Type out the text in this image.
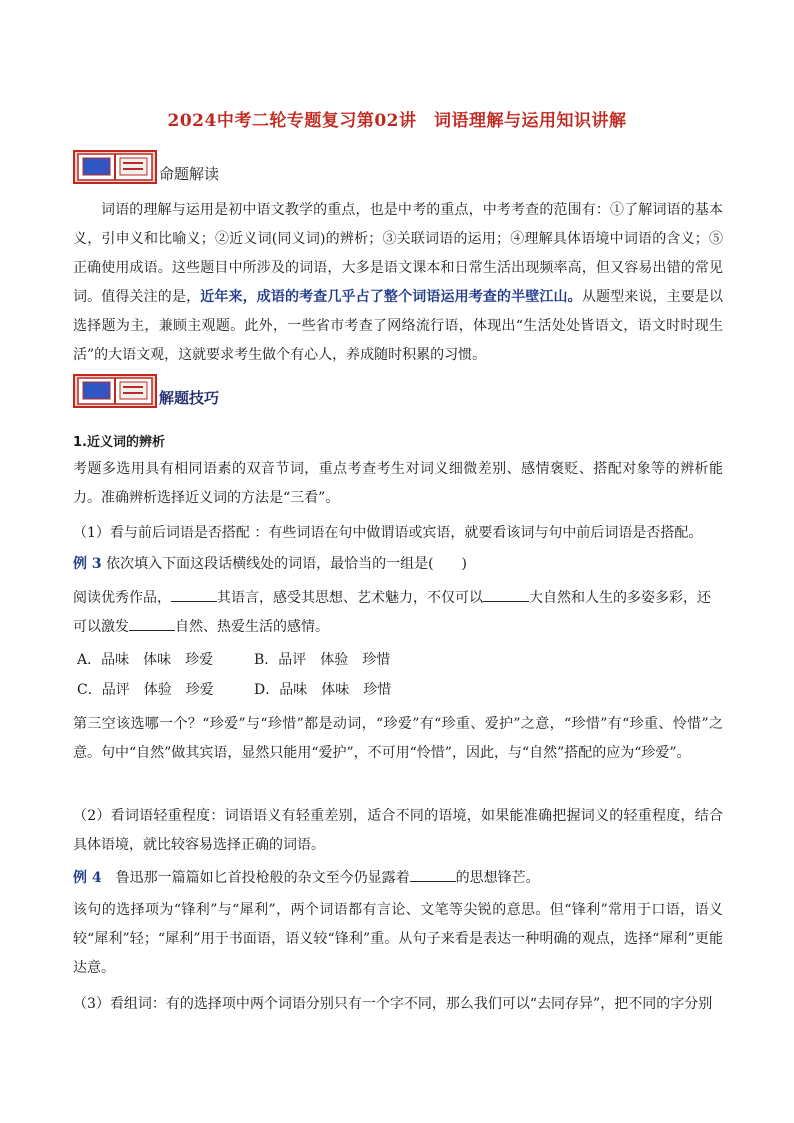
2024中考二轮专题复习第02讲　词语理解与运用知识讲解
命题解读

词语的理解与运用是初中语文教学的重点，也是中考的重点，中考考查的范围有：①了解词语的基本义，引申义和比喻义；②近义词(同义词)的辨析；③关联词语的运用；④理解具体语境中词语的含义；⑤正确使用成语。这些题目中所涉及的词语，大多是语文课本和日常生活出现频率高，但又容易出错的常见词。值得关注的是，近年来，成语的考查几乎占了整个词语运用考查的半壁江山。从题型来说，主要是以选择题为主，兼顾主观题。此外，一些省市考查了网络流行语，体现出“生活处处皆语文，语文时时现生活”的大语文观，这就要求考生做个有心人，养成随时积累的习惯。

解题技巧

1.近义词的辨析

考题多选用具有相同语素的双音节词，重点考查考生对词义细微差别、感情褒贬、搭配对象等的辨析能力。准确辨析选择近义词的方法是“三看”。

（1）看与前后词语是否搭配 ：有些词语在句中做谓语或宾语，就要看该词与句中前后词语是否搭配。

例 3 依次填入下面这段话横线处的词语，最恰当的一组是(　　)

阅读优秀作品，	其语言，感受其思想、艺术魅力，不仅可以	大自然和人生的多姿多彩，还
可以激发	自然、热爱生活的感情。

A．品味　体味　珍爱	B．品评　体验　珍惜

C．品评　体验　珍爱	D．品味　体味　珍惜

第三空该选哪一个？“珍爱”与“珍惜”都是动词，“珍爱”有“珍重、爱护”之意，“珍惜”有“珍重、怜惜”之意。句中“自然”做其宾语，显然只能用“爱护”，不可用“怜惜”，因此，与“自然”搭配的应为“珍爱”。

（2）看词语轻重程度：词语语义有轻重差别，适合不同的语境，如果能准确把握词义的轻重程度，结合具体语境，就比较容易选择正确的词语。

例 4　鲁迅那一篇篇如匕首投枪般的杂文至今仍显露着	的思想锋芒。

该句的选择项为“锋利”与“犀利”，两个词语都有言论、文笔等尖锐的意思。但“锋利”常用于口语，语义较“犀利”轻；“犀利”用于书面语，语义较“锋利”重。从句子来看是表达一种明确的观点，选择“犀利”更能达意。

（3）看组词：有的选择项中两个词语分别只有一个字不同，那么我们可以“去同存异”，把不同的字分别
